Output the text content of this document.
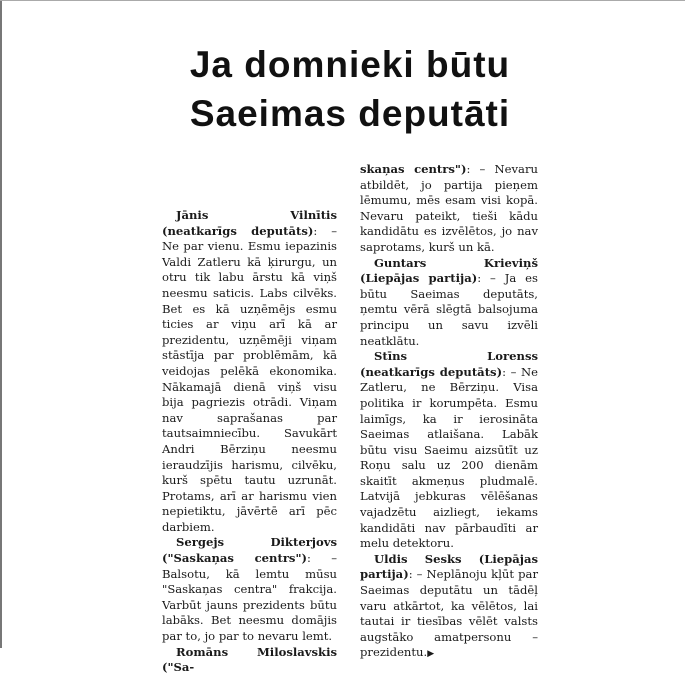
Ja domnieki būtu
Saeimas deputāti

Jānis Vilnītis (neatkarīgs deputāts): – Ne par vienu. Esmu iepazinis Valdi Zatleru kā ķirurgu, un otru tik labu ārstu kā viņš neesmu saticis. Labs cilvēks. Bet es kā uzņēmējs esmu ticies ar viņu arī kā ar prezidentu, uzņēmēji viņam stāstīja par problēmām, kā veidojas pelēkā ekonomika. Nākamajā dienā viņš visu bija pagriezis otrādi. Viņam nav saprašanas par tautsaimniecību. Savukārt Andri Bērziņu neesmu ieraudzījis harismu, cilvēku, kurš spētu tautu uzrunāt. Protams, arī ar harismu vien nepietiktu, jāvērtē arī pēc darbiem.

Sergejs Dikterjovs ("Saskaņas centrs"): – Balsotu, kā lemtu mūsu "Saskaņas centra" frakcija. Varbūt jauns prezidents būtu labāks. Bet neesmu domājis par to, jo par to nevaru lemt.

Romāns Miloslavskis ("Sa-

skaņas centrs"): – Nevaru atbildēt, jo partija pieņem lēmumu, mēs esam visi kopā. Nevaru pateikt, tieši kādu kandidātu es izvēlētos, jo nav saprotams, kurš un kā.

Guntars Krieviņš (Liepājas partija): – Ja es būtu Saeimas deputāts, ņemtu vērā slēgtā balsojuma principu un savu izvēli neatklātu.

Stīns Lorenss (neatkarīgs deputāts): – Ne Zatleru, ne Bērziņu. Visa politika ir korumpēta. Esmu laimīgs, ka ir ierosināta Saeimas atlaišana. Labāk būtu visu Saeimu aizsūtīt uz Roņu salu uz 200 dienām skaitīt akmeņus pludmalē. Latvijā jebkuras vēlēšanas vajadzētu aizliegt, iekams kandidāti nav pārbaudīti ar melu detektoru.

Uldis Sesks (Liepājas partija): – Neplānoju kļūt par Saeimas deputātu un tādēļ varu atkārtot, ka vēlētos, lai tautai ir tiesības vēlēt valsts augstāko amatpersonu – prezidentu.▶
